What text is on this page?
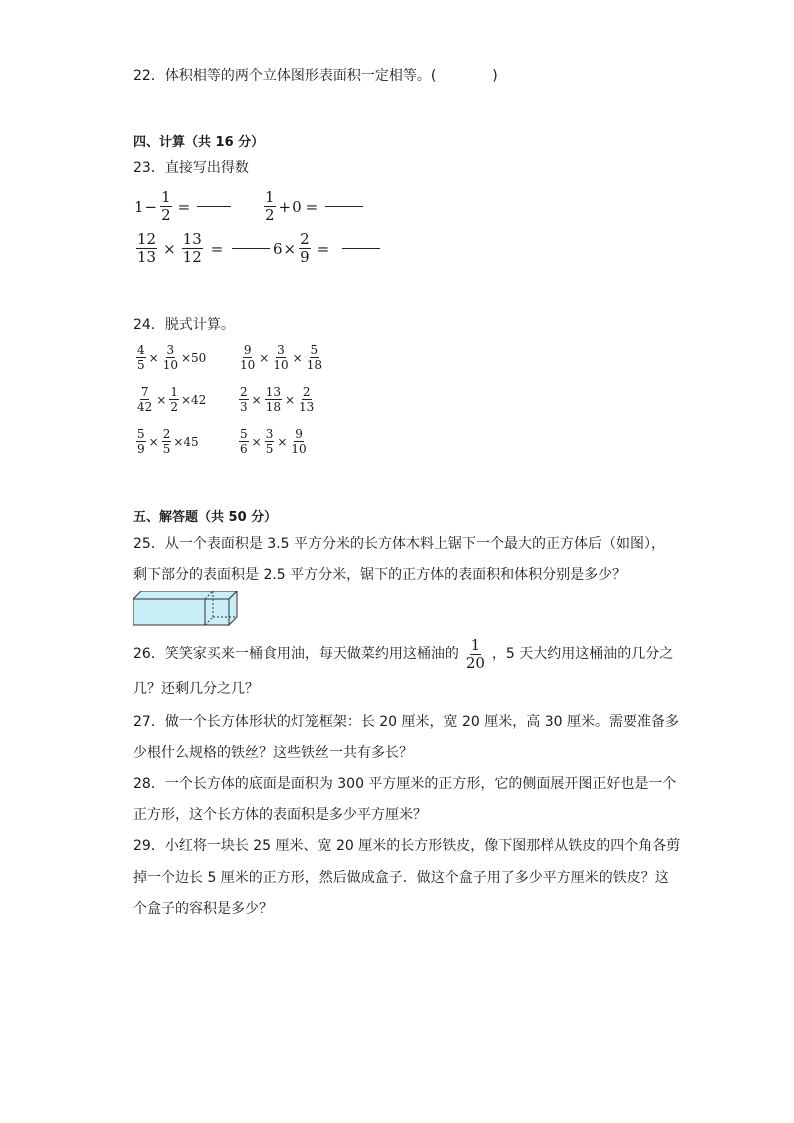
22．体积相等的两个立体图形表面积一定相等。(	)
四、计算（共 16 分）
23．直接写出得数
$1 - \frac{1}{2}$ =	$\frac{1}{2} + 0$ =
$\frac{12}{13} \times \frac{13}{12}$ =	$6 \times \frac{2}{9}$ =
24．脱式计算。
$\frac{4}{5} \times \frac{3}{10} \times 50$	$\frac{9}{10} \times \frac{3}{10} \times \frac{5}{18}$
$\frac{7}{42} \times \frac{1}{2} \times 42$	$\frac{2}{3} \times \frac{13}{18} \times \frac{2}{13}$
$\frac{5}{9} \times \frac{2}{5} \times 45$	$\frac{5}{6} \times \frac{3}{5} \times \frac{9}{10}$
五、解答题（共 50 分）
25．从一个表面积是 3.5 平方分米的长方体木料上锯下一个最大的正方体后（如图），
剩下部分的表面积是 2.5 平方分米，锯下的正方体的表面积和体积分别是多少？
26．笑笑家买来一桶食用油，每天做菜约用这桶油的 $\frac{1}{20}$ ，5 天大约用这桶油的几分之
几？还剩几分之几？
27．做一个长方体形状的灯笼框架：长 20 厘米，宽 20 厘米，高 30 厘米。需要准备多
少根什么规格的铁丝？这些铁丝一共有多长？
28．一个长方体的底面是面积为 300 平方厘米的正方形，它的侧面展开图正好也是一个
正方形，这个长方体的表面积是多少平方厘米？
29．小红将一块长 25 厘米、宽 20 厘米的长方形铁皮，像下图那样从铁皮的四个角各剪
掉一个边长 5 厘米的正方形，然后做成盒子．做这个盒子用了多少平方厘米的铁皮？这
个盒子的容积是多少？
